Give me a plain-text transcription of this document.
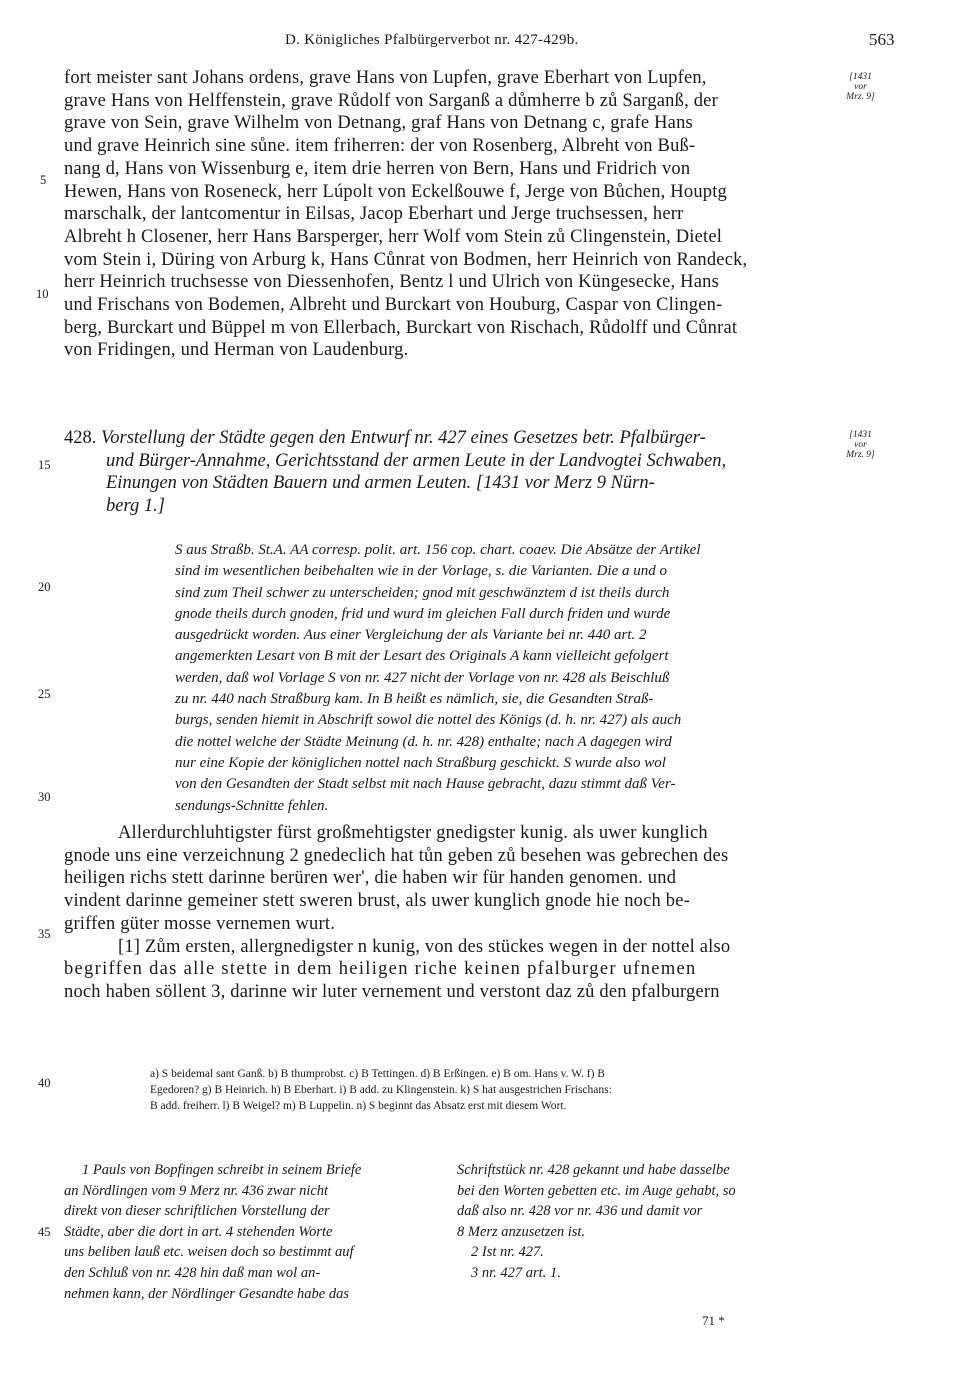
D. Königliches Pfalbürgerverbot nr. 427-429b.	563
[1431
vor
Mrz. 9]
5
10
15
20
25
30
35
40
45
fort meister sant Johans ordens, grave Hans von Lupfen, grave Eberhart von Lupfen,
grave Hans von Helffenstein, grave Růdolf von Sarganß a důmherre b zů Sarganß, der
grave von Sein, grave Wilhelm von Detnang, graf Hans von Detnang c, grafe Hans
und grave Heinrich sine sůne. item friherren: der von Rosenberg, Albreht von Buß-
nang d, Hans von Wissenburg e, item drie herren von Bern, Hans und Fridrich von
Hewen, Hans von Roseneck, herr Lúpolt von Eckelßouwe f, Jerge von Bůchen, Houptg
marschalk, der lantcomentur in Eilsas, Jacop Eberhart und Jerge truchsessen, herr
Albreht h Closener, herr Hans Barsperger, herr Wolf vom Stein zů Clingenstein, Dietel
vom Stein i, Düring von Arburg k, Hans Cůnrat von Bodmen, herr Heinrich von Randeck,
herr Heinrich truchsesse von Diessenhofen, Bentz l und Ulrich von Küngesecke, Hans
und Frischans von Bodemen, Albreht und Burckart von Houburg, Caspar von Clingen-
berg, Burckart und Büppel m von Ellerbach, Burckart von Rischach, Růdolff und Cůnrat
von Fridingen, und Herman von Laudenburg.
428. Vorstellung der Städte gegen den Entwurf nr. 427 eines Gesetzes betr. Pfalbürger-
und Bürger-Annahme, Gerichtsstand der armen Leute in der Landvogtei Schwaben,
Einungen von Städten Bauern und armen Leuten. [1431 vor Merz 9 Nürn-
berg 1.]
[1431
vor
Mrz. 9]
S aus Straßb. St.A. AA corresp. polit. art. 156 cop. chart. coaev. Die Absätze der Artikel
sind im wesentlichen beibehalten wie in der Vorlage, s. die Varianten. Die a und o
sind zum Theil schwer zu unterscheiden; gnod mit geschwänztem d ist theils durch
gnode theils durch gnoden, frid und wurd im gleichen Fall durch friden und wurde
ausgedrückt worden. Aus einer Vergleichung der als Variante bei nr. 440 art. 2
angemerkten Lesart von B mit der Lesart des Originals A kann vielleicht gefolgert
werden, daß wol Vorlage S von nr. 427 nicht der Vorlage von nr. 428 als Beischluß
zu nr. 440 nach Straßburg kam. In B heißt es nämlich, sie, die Gesandten Straß-
burgs, senden hiemit in Abschrift sowol die nottel des Königs (d. h. nr. 427) als auch
die nottel welche der Städte Meinung (d. h. nr. 428) enthalte; nach A dagegen wird
nur eine Kopie der königlichen nottel nach Straßburg geschickt. S wurde also wol
von den Gesandten der Stadt selbst mit nach Hause gebracht, dazu stimmt daß Ver-
sendungs-Schnitte fehlen.
Allerdurchluhtigster fürst großmehtigster gnedigster kunig. als uwer kunglich
gnode uns eine verzeichnung 2 gnedeclich hat tůn geben zů besehen was gebrechen des
heiligen richs stett darinne berüren wer', die haben wir für handen genomen. und
vindent darinne gemeiner stett sweren brust, als uwer kunglich gnode hie noch be-
griffen güter mosse vernemen wurt.
[1] Zům ersten, allergnedigster n kunig, von des stückes wegen in der nottel also
begriffen das alle stette in dem heiligen riche keinen pfalburger ufnemen
noch haben söllent 3, darinne wir luter vernement und verstont daz zů den pfalburgern
a) S beidemal sant Ganß. b) B thumprobst. c) B Tettingen. d) B Erßingen. e) B om. Hans v. W. f) B
Egedoren? g) B Heinrich. h) B Eberhart. i) B add. zu Klingenstein. k) S hat ausgestrichen Frischans:
B add. freiherr. l) B Weigel? m) B Luppelin. n) S beginnt das Absatz erst mit diesem Wort.
1 Pauls von Bopfingen schreibt in seinem Briefe
an Nördlingen vom 9 Merz nr. 436 zwar nicht
direkt von dieser schriftlichen Vorstellung der
Städte, aber die dort in art. 4 stehenden Worte
uns beliben lauß etc. weisen doch so bestimmt auf
den Schluß von nr. 428 hin daß man wol an-
nehmen kann, der Nördlinger Gesandte habe das
Schriftstück nr. 428 gekannt und habe dasselbe
bei den Worten gebetten etc. im Auge gehabt, so
daß also nr. 428 vor nr. 436 und damit vor
8 Merz anzusetzen ist.
2 Ist nr. 427.
3 nr. 427 art. 1.
71 *
